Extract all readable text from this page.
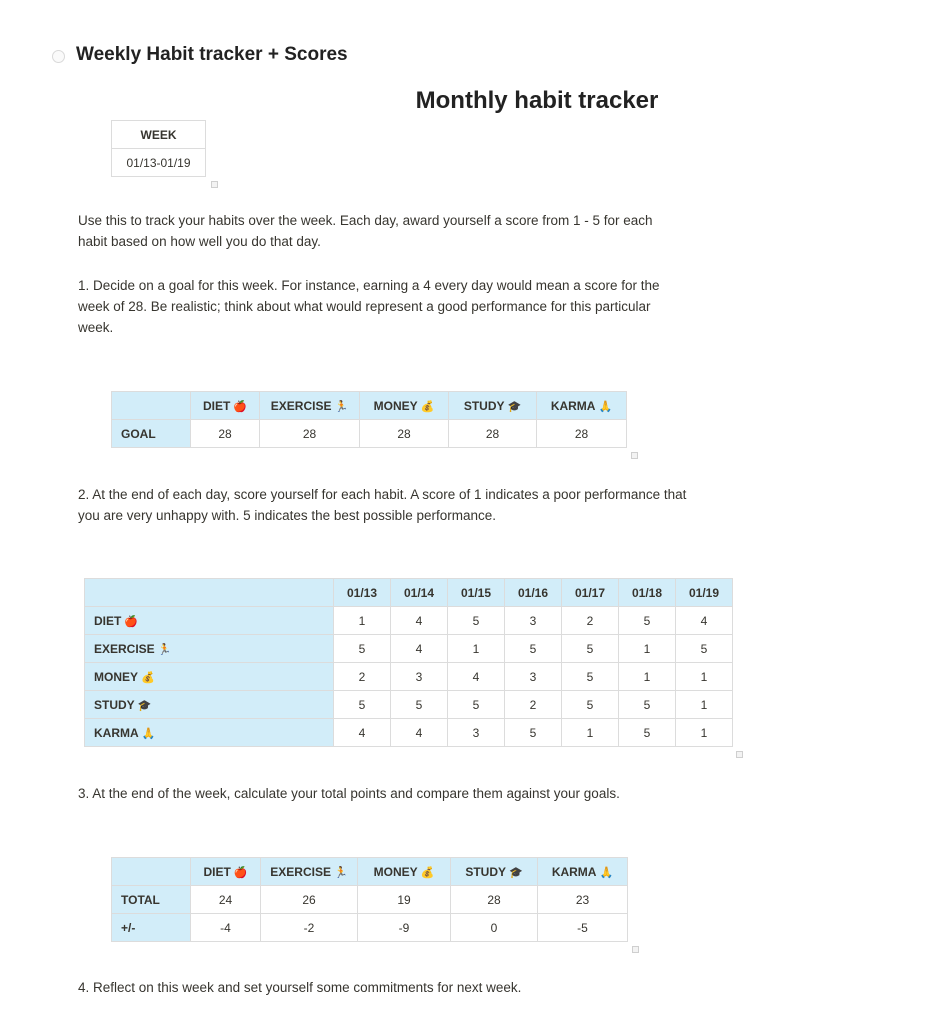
Weekly Habit tracker + Scores
Monthly habit tracker
WEEK
01/13-01/19

Use this to track your habits over the week. Each day, award yourself a score from 1 - 5 for each habit based on how well you do that day.

1. Decide on a goal for this week. For instance, earning a 4 every day would mean a score for the week of 28. Be realistic; think about what would represent a good performance for this particular week.

	DIET 🍎	EXERCISE 🏃	MONEY 💰	STUDY 🎓	KARMA 🙏
GOAL	28	28	28	28	28

2. At the end of each day, score yourself for each habit. A score of 1 indicates a poor performance that you are very unhappy with. 5 indicates the best possible performance.

	01/13	01/14	01/15	01/16	01/17	01/18	01/19
DIET 🍎	1	4	5	3	2	5	4
EXERCISE 🏃	5	4	1	5	5	1	5
MONEY 💰	2	3	4	3	5	1	1
STUDY 🎓	5	5	5	2	5	5	1
KARMA 🙏	4	4	3	5	1	5	1

3. At the end of the week, calculate your total points and compare them against your goals.

	DIET 🍎	EXERCISE 🏃	MONEY 💰	STUDY 🎓	KARMA 🙏
TOTAL	24	26	19	28	23
+/-	-4	-2	-9	0	-5

4. Reflect on this week and set yourself some commitments for next week.
